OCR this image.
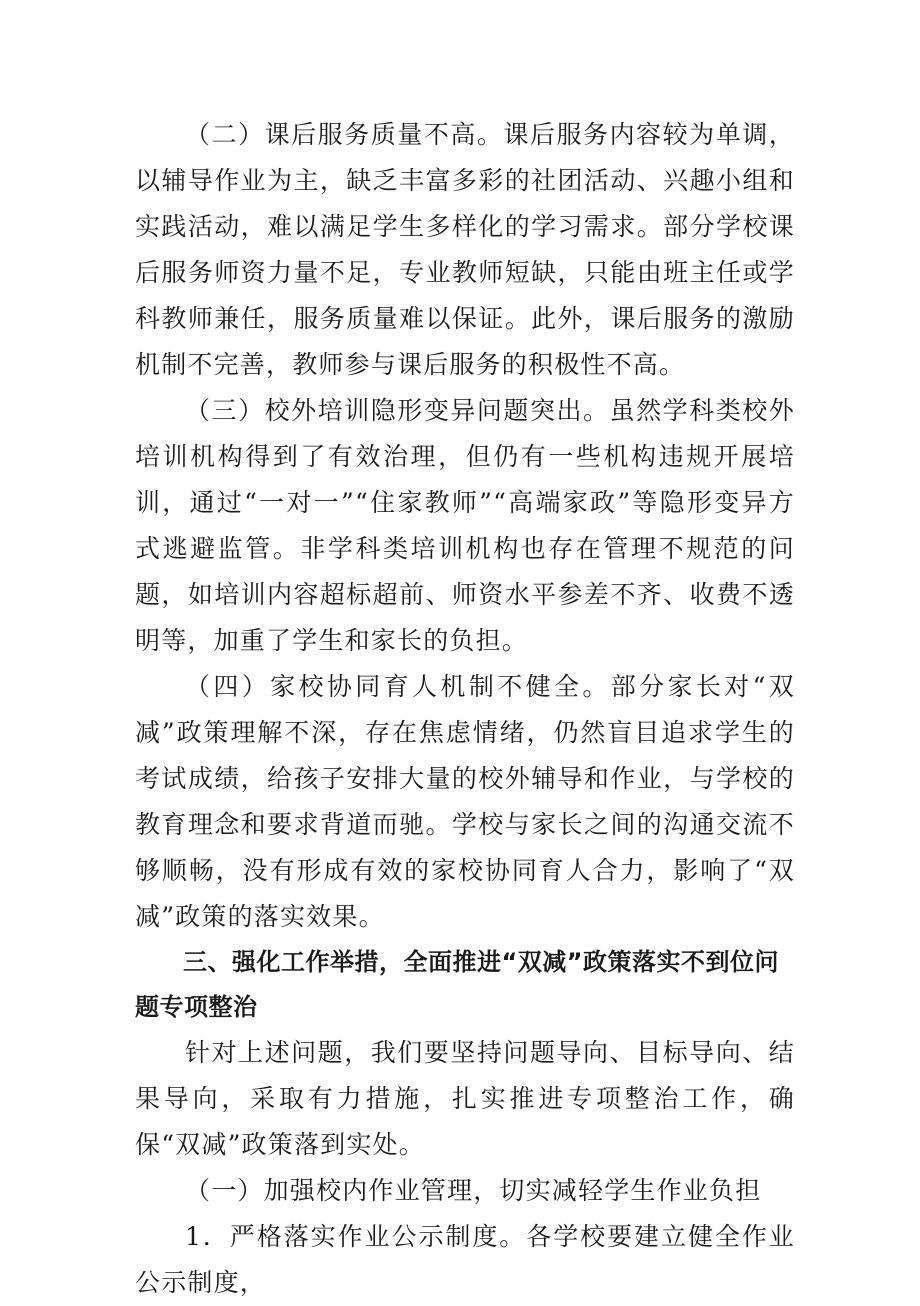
（二）课后服务质量不高。课后服务内容较为单调，以辅导作业为主，缺乏丰富多彩的社团活动、兴趣小组和实践活动，难以满足学生多样化的学习需求。部分学校课后服务师资力量不足，专业教师短缺，只能由班主任或学科教师兼任，服务质量难以保证。此外，课后服务的激励机制不完善，教师参与课后服务的积极性不高。

（三）校外培训隐形变异问题突出。虽然学科类校外培训机构得到了有效治理，但仍有一些机构违规开展培训，通过“一对一”“住家教师”“高端家政”等隐形变异方式逃避监管。非学科类培训机构也存在管理不规范的问题，如培训内容超标超前、师资水平参差不齐、收费不透明等，加重了学生和家长的负担。

（四）家校协同育人机制不健全。部分家长对“双减”政策理解不深，存在焦虑情绪，仍然盲目追求学生的考试成绩，给孩子安排大量的校外辅导和作业，与学校的教育理念和要求背道而驰。学校与家长之间的沟通交流不够顺畅，没有形成有效的家校协同育人合力，影响了“双减”政策的落实效果。

三、强化工作举措，全面推进“双减”政策落实不到位问题专项整治

针对上述问题，我们要坚持问题导向、目标导向、结果导向，采取有力措施，扎实推进专项整治工作，确保“双减”政策落到实处。

（一）加强校内作业管理，切实减轻学生作业负担

1．严格落实作业公示制度。各学校要建立健全作业公示制度，
